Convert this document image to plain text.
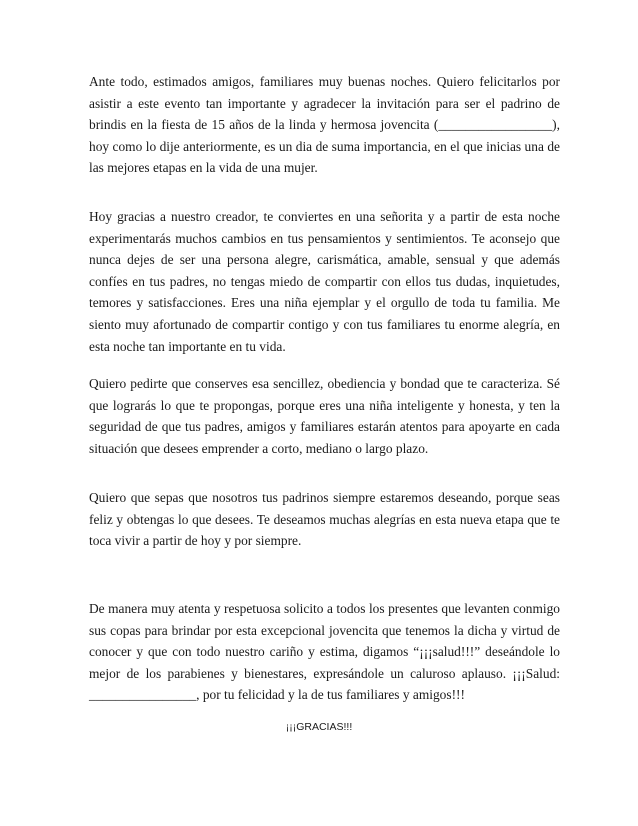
Ante todo, estimados amigos, familiares muy buenas noches. Quiero felicitarlos por asistir a este evento tan importante y agradecer la invitación para ser el padrino de brindis en la fiesta de 15 años de la linda y hermosa jovencita (_________________), hoy como lo dije anteriormente, es un dia de suma importancia, en el que inicias una de las mejores etapas en la vida de una mujer.

Hoy gracias a nuestro creador, te conviertes en una señorita y a partir de esta noche experimentarás muchos cambios en tus pensamientos y sentimientos. Te aconsejo que nunca dejes de ser una persona alegre, carismática, amable, sensual y que además confíes en tus padres, no tengas miedo de compartir con ellos tus dudas, inquietudes, temores y satisfacciones. Eres una niña ejemplar y el orgullo de toda tu familia. Me siento muy afortunado de compartir contigo y con tus familiares tu enorme alegría, en esta noche tan importante en tu vida.

Quiero pedirte que conserves esa sencillez, obediencia y bondad que te caracteriza. Sé que lograrás lo que te propongas, porque eres una niña inteligente y honesta, y ten la seguridad de que tus padres, amigos y familiares estarán atentos para apoyarte en cada situación que desees emprender a corto, mediano o largo plazo.

Quiero que sepas que nosotros tus padrinos siempre estaremos deseando, porque seas feliz y obtengas lo que desees. Te deseamos muchas alegrías en esta nueva etapa que te toca vivir a partir de hoy y por siempre.

De manera muy atenta y respetuosa solicito a todos los presentes que levanten conmigo sus copas para brindar por esta excepcional jovencita que tenemos la dicha y virtud de conocer y que con todo nuestro cariño y estima, digamos “¡¡¡salud!!!” deseándole lo mejor de los parabienes y bienestares, expresándole un caluroso aplauso. ¡¡¡Salud: ________________, por tu felicidad y la de tus familiares y amigos!!!

¡¡¡GRACIAS!!!
